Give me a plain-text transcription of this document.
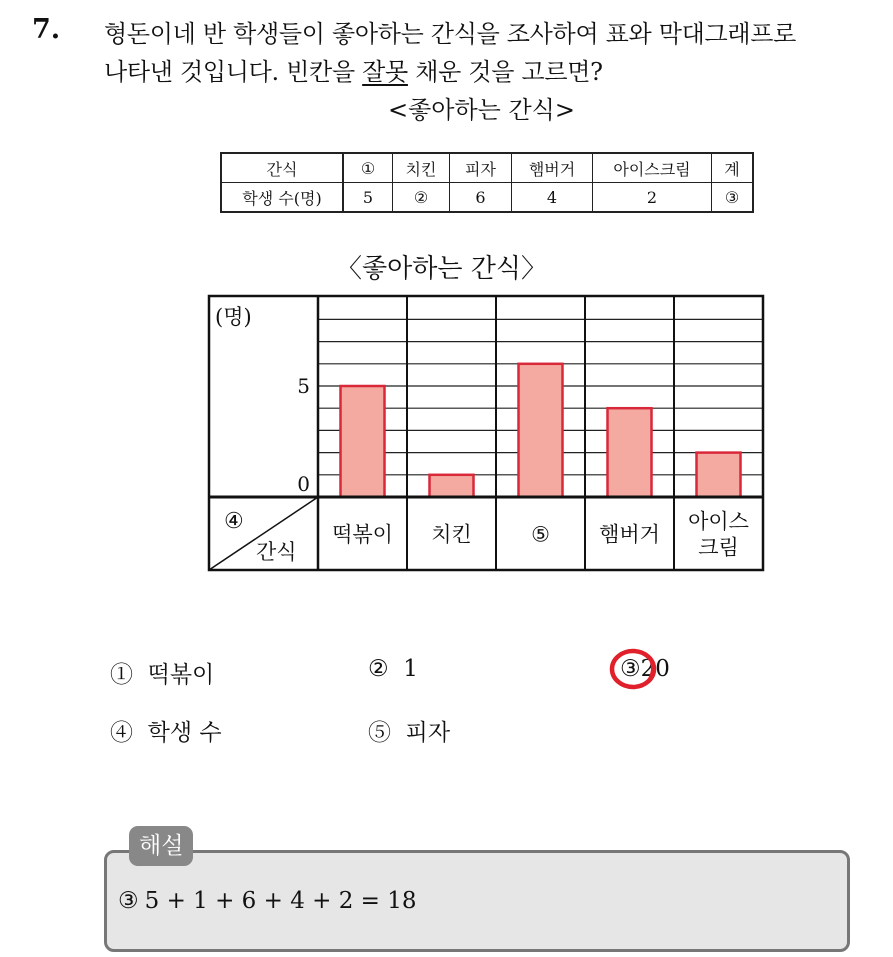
7. 형돈이네 반 학생들이 좋아하는 간식을 조사하여 표와 막대그래프로
나타낸 것입니다. 빈칸을 잘못 채운 것을 고르면?
<좋아하는 간식>
간식	①	치킨	피자	햄버거	아이스크림	계
학생 수(명)	5	②	6	4	2	③
〈좋아하는 간식〉
0
5
(명)
④
간식
떡볶이 치킨	⑤ 햄버거
아이스
크림
① 떡볶이	② 1	③20
④ 학생 수	⑤ 피자
해설
③ 5 + 1 + 6 + 4 + 2 = 18
